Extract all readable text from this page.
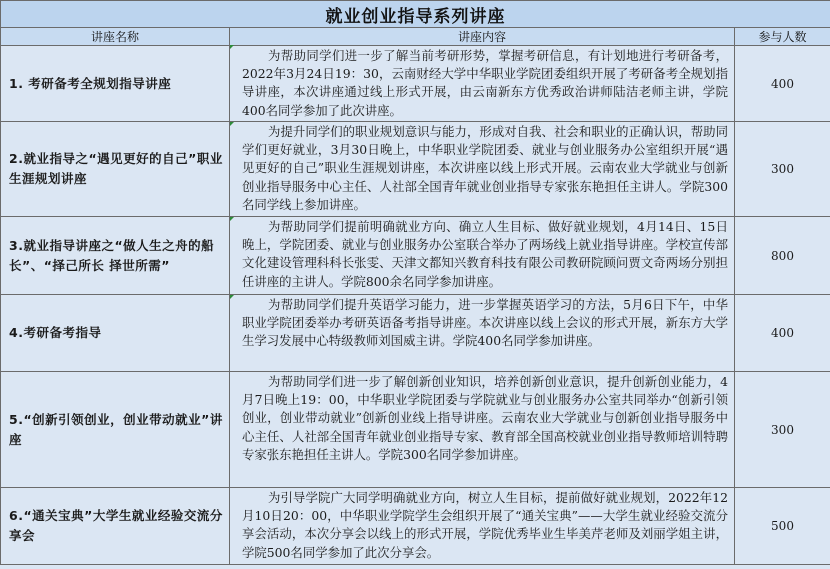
就业创业指导系列讲座		
讲座名称	讲座内容	参与人数
1. 考研备考全规划指导讲座	为帮助同学们进一步了解当前考研形势，掌握考研信息，有计划地进行考研备考，2022年3月24日19：30，云南财经大学中华职业学院团委组织开展了考研备考全规划指导讲座，本次讲座通过线上形式开展，由云南新东方优秀政治讲师陆洁老师主讲，学院400名同学参加了此次讲座。	400
2.就业指导之“遇见更好的自己”职业生涯规划讲座	为提升同学们的职业规划意识与能力，形成对自我、社会和职业的正确认识，帮助同学们更好就业，3月30日晚上，中华职业学院团委、就业与创业服务办公室组织开展“遇见更好的自己”职业生涯规划讲座，本次讲座以线上形式开展。云南农业大学就业与创新创业指导服务中心主任、人社部全国青年就业创业指导专家张东艳担任主讲人。学院300名同学线上参加讲座。	300
3.就业指导讲座之“做人生之舟的船长”、“择己所长 择世所需”	为帮助同学们提前明确就业方向、确立人生目标、做好就业规划，4月14日、15日晚上，学院团委、就业与创业服务办公室联合举办了两场线上就业指导讲座。学校宣传部文化建设管理科科长张雯、天津文都知兴教育科技有限公司教研院顾问贾文奇两场分别担任讲座的主讲人。学院800余名同学参加讲座。	800
4.考研备考指导	为帮助同学们提升英语学习能力，进一步掌握英语学习的方法，5月6日下午，中华职业学院团委举办考研英语备考指导讲座。本次讲座以线上会议的形式开展，新东方大学生学习发展中心特级教师刘国威主讲。学院400名同学参加讲座。	400
5.“创新引领创业，创业带动就业”讲座	为帮助同学们进一步了解创新创业知识，培养创新创业意识，提升创新创业能力，4月7日晚上19：00，中华职业学院团委与学院就业与创业服务办公室共同举办“创新引领创业，创业带动就业”创新创业线上指导讲座。云南农业大学就业与创新创业指导服务中心主任、人社部全国青年就业创业指导专家、教育部全国高校就业创业指导教师培训特聘专家张东艳担任主讲人。学院300名同学参加讲座。	300
6.“通关宝典”大学生就业经验交流分享会	为引导学院广大同学明确就业方向，树立人生目标，提前做好就业规划，2022年12月10日20：00，中华职业学院学生会组织开展了“通关宝典”——大学生就业经验交流分享会活动，本次分享会以线上的形式开展，学院优秀毕业生毕美芹老师及刘丽学姐主讲，学院500名同学参加了此次分享会。	500
